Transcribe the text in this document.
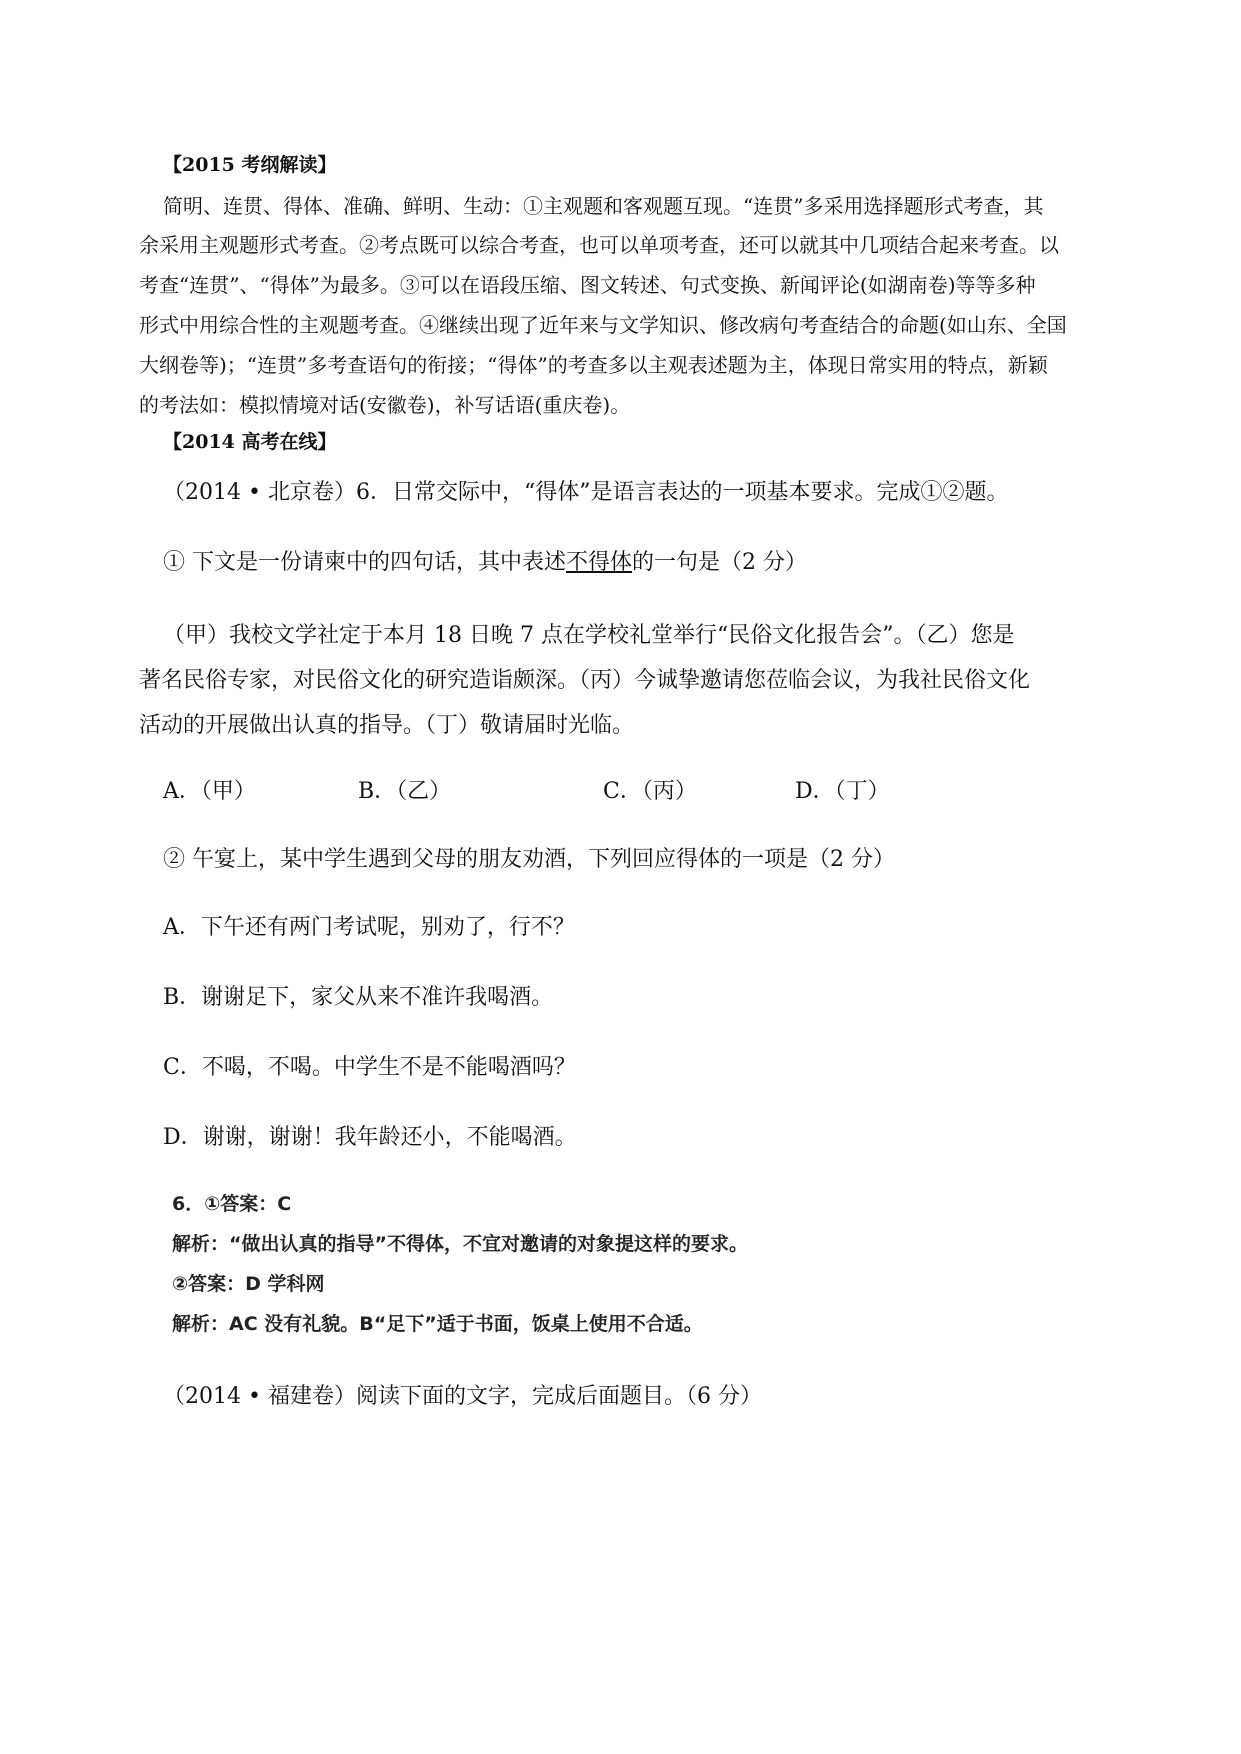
【2015 考纲解读】
简明、连贯、得体、准确、鲜明、生动：①主观题和客观题互现。“连贯”多采用选择题形式考查，其
余采用主观题形式考查。②考点既可以综合考查，也可以单项考查，还可以就其中几项结合起来考查。以
考查“连贯”、“得体”为最多。③可以在语段压缩、图文转述、句式变换、新闻评论(如湖南卷)等等多种
形式中用综合性的主观题考查。④继续出现了近年来与文学知识、修改病句考查结合的命题(如山东、全国
大纲卷等)；“连贯”多考查语句的衔接；“得体”的考查多以主观表述题为主，体现日常实用的特点，新颖
的考法如：模拟情境对话(安徽卷)，补写话语(重庆卷)。
【2014 高考在线】
（2014 • 北京卷）6．日常交际中，“得体”是语言表达的一项基本要求。完成①②题。
① 下文是一份请柬中的四句话，其中表述不得体的一句是（2 分）
（甲）我校文学社定于本月 18 日晚 7 点在学校礼堂举行“民俗文化报告会”。（乙）您是
著名民俗专家，对民俗文化的研究造诣颇深。（丙）今诚挚邀请您莅临会议，为我社民俗文化
活动的开展做出认真的指导。（丁）敬请届时光临。
A．（甲）	B．（乙）	C．（丙）	D．（丁）
② 午宴上，某中学生遇到父母的朋友劝酒，下列回应得体的一项是（2 分）
A．下午还有两门考试呢，别劝了，行不？
B．谢谢足下，家父从来不准许我喝酒。
C．不喝，不喝。中学生不是不能喝酒吗？
D．谢谢，谢谢！我年龄还小，不能喝酒。
6．①答案：C
解析：“做出认真的指导”不得体，不宜对邀请的对象提这样的要求。
②答案：D 学科网
解析：AC 没有礼貌。B“足下”适于书面，饭桌上使用不合适。
（2014 • 福建卷）阅读下面的文字，完成后面题目。（6 分）
